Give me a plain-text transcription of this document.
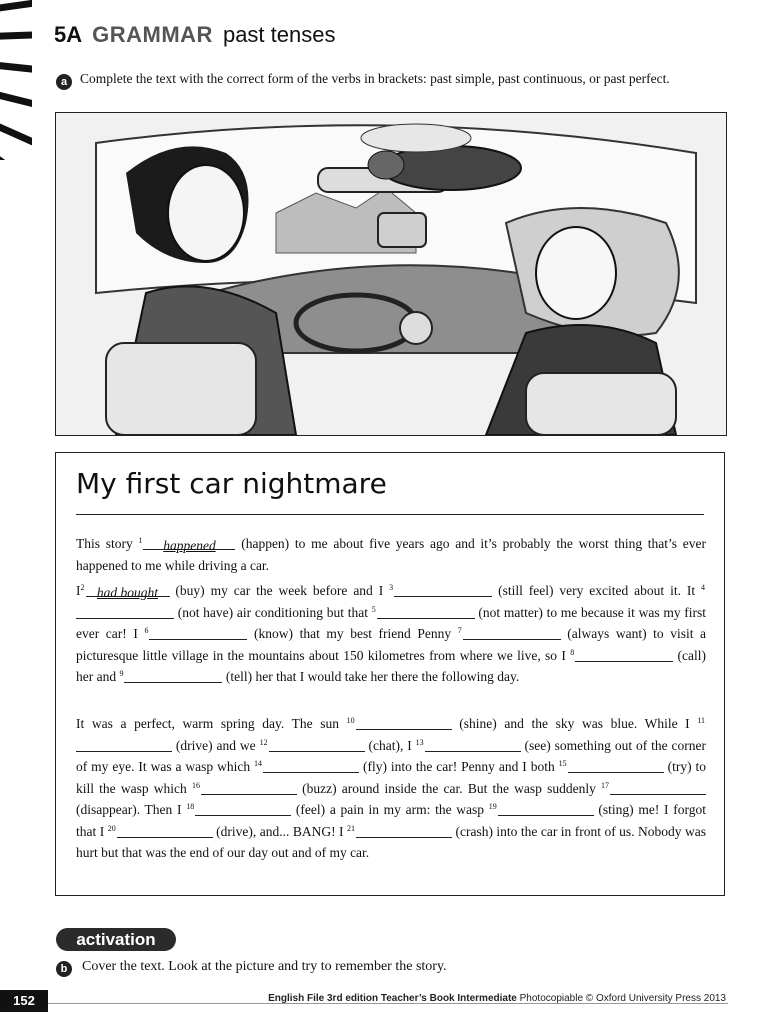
5A GRAMMAR past tenses
a Complete the text with the correct form of the verbs in brackets: past simple, past continuous, or past perfect.
My first car nightmare
This story $^1$ happened (happen) to me about five years ago and it’s probably the worst thing that’s ever happened to me while driving a car.
$I^2$ had bought (buy) my car the week before and I $^3$	(still feel) very excited about it. It $^4$ (not have) air conditioning but that $^5$	(not matter) to me because it was my first ever car! I $^6$	(know) that my best friend Penny $^7$	(always want) to visit a picturesque little village in the mountains about 150 kilometres from where we live, so I $^8$	(call) her and $^9$	(tell) her that I would take her there the following day.
It was a perfect, warm spring day. The sun $^{10}$	(shine) and the sky was blue. While I $^{11}$ (drive) and we $^{12}$	(chat), I $^{13}$	(see) something out of the corner of my eye. It was a wasp which $^{14}$	(fly) into the car! Penny and I both $^{15}$	(try) to kill the wasp which $^{16}$	(buzz) around inside the car. But the wasp suddenly $^{17}$ (disappear). Then I $^{18}$	(feel) a pain in my arm: the wasp $^{19}$	(sting) me! I forgot that I $^{20}$	(drive), and... BANG! I $^{21}$	(crash) into the car in front of us. Nobody was hurt but that was the end of our day out and of my car.
activation
b Cover the text. Look at the picture and try to remember the story.
152	English File 3rd edition Teacher’s Book Intermediate Photocopiable © Oxford University Press 2013
